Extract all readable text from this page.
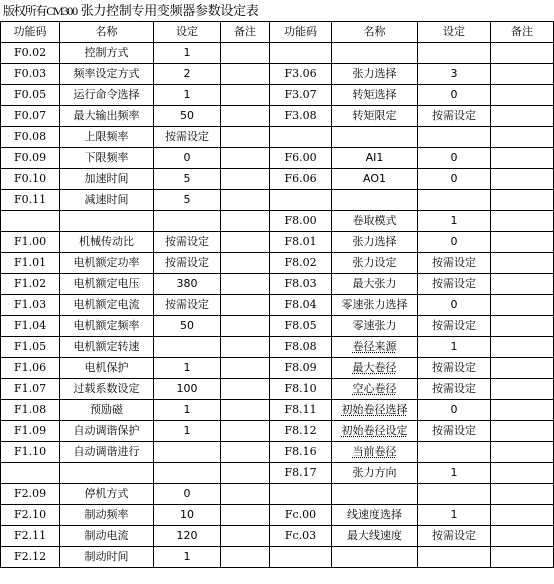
版权所有CM300 张力控制专用变频器参数设定表
功能码	名称	设定	备注	功能码	名称	设定	备注
F0.02	控制方式	1					
F0.03	频率设定方式	2		F3.06	张力选择	3	
F0.05	运行命令选择	1		F3.07	转矩选择	0	
F0.07	最大输出频率	50		F3.08	转矩限定	按需设定	
F0.08	上限频率	按需设定					
F0.09	下限频率	0		F6.00	AI1	0	
F0.10	加速时间	5		F6.06	AO1	0	
F0.11	减速时间	5					
				F8.00	卷取模式	1	
F1.00	机械传动比	按需设定		F8.01	张力选择	0	
F1.01	电机额定功率	按需设定		F8.02	张力设定	按需设定	
F1.02	电机额定电压	380		F8.03	最大张力	按需设定	
F1.03	电机额定电流	按需设定		F8.04	零速张力选择	0	
F1.04	电机额定频率	50		F8.05	零速张力	按需设定	
F1.05	电机额定转速			F8.08	卷径来源	1	
F1.06	电机保护	1		F8.09	最大卷径	按需设定	
F1.07	过载系数设定	100		F8.10	空心卷径	按需设定	
F1.08	预励磁	1		F8.11	初始卷径选择	0	
F1.09	自动调谐保护	1		F8.12	初始卷径设定	按需设定	
F1.10	自动调谐进行			F8.16	当前卷径		
				F8.17	张力方向	1	
F2.09	停机方式	0					
F2.10	制动频率	10		Fc.00	线速度选择	1	
F2.11	制动电流	120		Fc.03	最大线速度	按需设定	
F2.12	制动时间	1					
